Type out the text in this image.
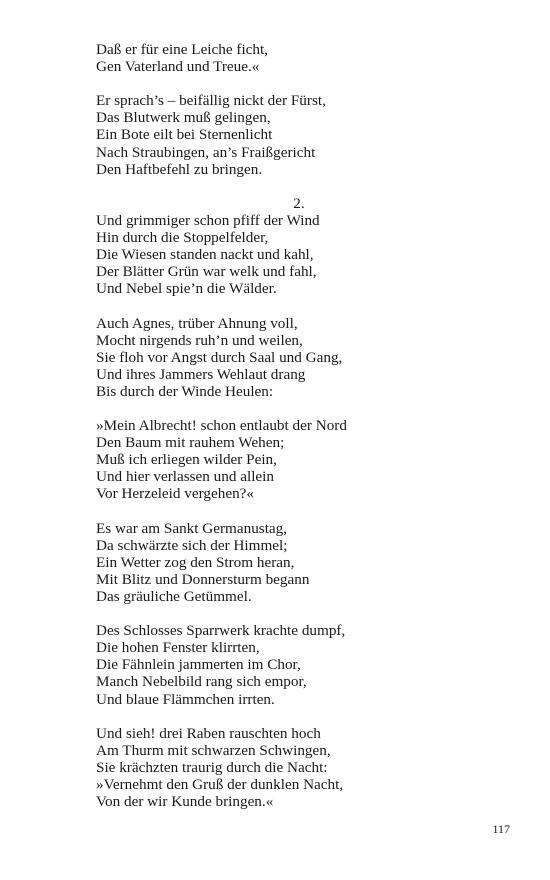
Daß er für eine Leiche ficht,
Gen Vaterland und Treue.«

Er sprach’s – beifällig nickt der Fürst,
Das Blutwerk muß gelingen,
Ein Bote eilt bei Sternenlicht
Nach Straubingen, an’s Fraißgericht
Den Haftbefehl zu bringen.

2.

Und grimmiger schon pfiff der Wind
Hin durch die Stoppelfelder,
Die Wiesen standen nackt und kahl,
Der Blätter Grün war welk und fahl,
Und Nebel spie’n die Wälder.

Auch Agnes, trüber Ahnung voll,
Mocht nirgends ruh’n und weilen,
Sie floh vor Angst durch Saal und Gang,
Und ihres Jammers Wehlaut drang
Bis durch der Winde Heulen:

»Mein Albrecht! schon entlaubt der Nord
Den Baum mit rauhem Wehen;
Muß ich erliegen wilder Pein,
Und hier verlassen und allein
Vor Herzeleid vergehen?«

Es war am Sankt Germanustag,
Da schwärzte sich der Himmel;
Ein Wetter zog den Strom heran,
Mit Blitz und Donnersturm begann
Das gräuliche Getümmel.

Des Schlosses Sparrwerk krachte dumpf,
Die hohen Fenster klirrten,
Die Fähnlein jammerten im Chor,
Manch Nebelbild rang sich empor,
Und blaue Flämmchen irrten.

Und sieh! drei Raben rauschten hoch
Am Thurm mit schwarzen Schwingen,
Sie krächzten traurig durch die Nacht:
»Vernehmt den Gruß der dunklen Nacht,
Von der wir Kunde bringen.«

117
